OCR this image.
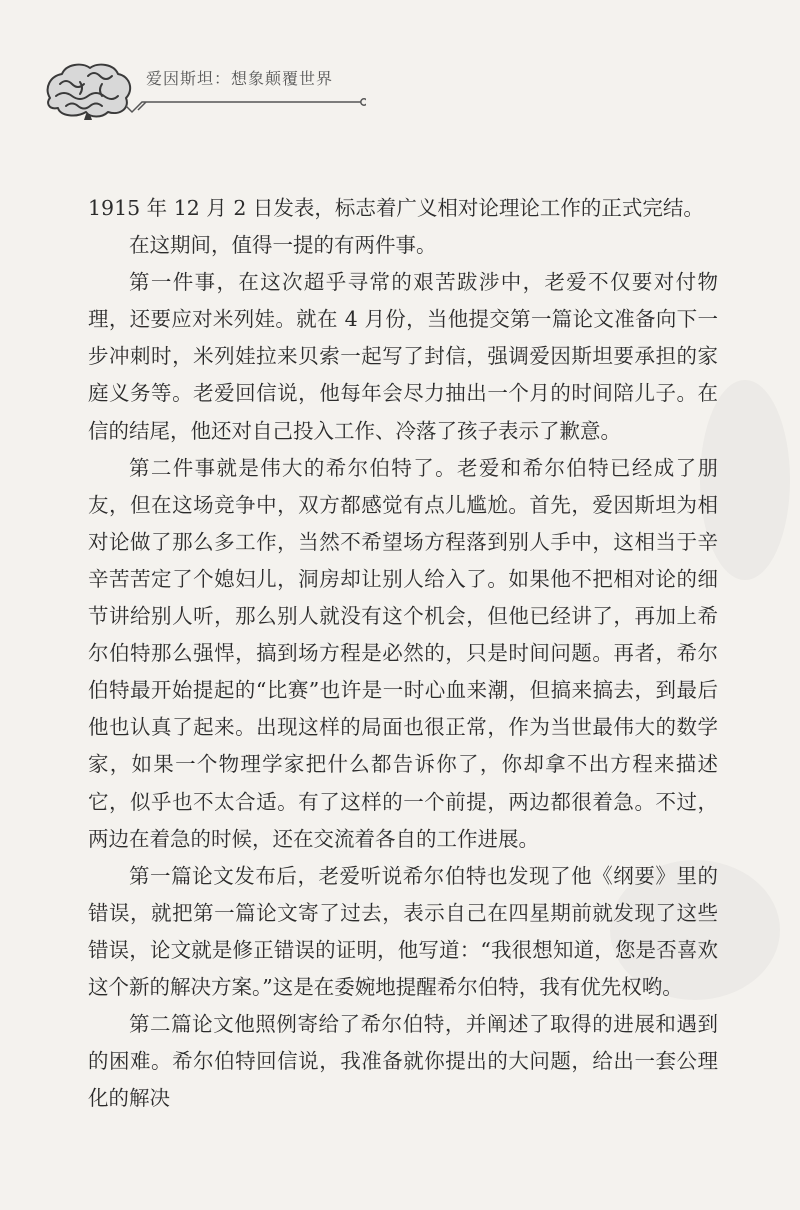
爱因斯坦：想象颠覆世界

1915 年 12 月 2 日发表，标志着广义相对论理论工作的正式完结。

在这期间，值得一提的有两件事。

第一件事，在这次超乎寻常的艰苦跋涉中，老爱不仅要对付物理，还要应对米列娃。就在 4 月份，当他提交第一篇论文准备向下一步冲刺时，米列娃拉来贝索一起写了封信，强调爱因斯坦要承担的家庭义务等。老爱回信说，他每年会尽力抽出一个月的时间陪儿子。在信的结尾，他还对自己投入工作、冷落了孩子表示了歉意。

第二件事就是伟大的希尔伯特了。老爱和希尔伯特已经成了朋友，但在这场竞争中，双方都感觉有点儿尴尬。首先，爱因斯坦为相对论做了那么多工作，当然不希望场方程落到别人手中，这相当于辛辛苦苦定了个媳妇儿，洞房却让别人给入了。如果他不把相对论的细节讲给别人听，那么别人就没有这个机会，但他已经讲了，再加上希尔伯特那么强悍，搞到场方程是必然的，只是时间问题。再者，希尔伯特最开始提起的“比赛”也许是一时心血来潮，但搞来搞去，到最后他也认真了起来。出现这样的局面也很正常，作为当世最伟大的数学家，如果一个物理学家把什么都告诉你了，你却拿不出方程来描述它，似乎也不太合适。有了这样的一个前提，两边都很着急。不过，两边在着急的时候，还在交流着各自的工作进展。

第一篇论文发布后，老爱听说希尔伯特也发现了他《纲要》里的错误，就把第一篇论文寄了过去，表示自己在四星期前就发现了这些错误，论文就是修正错误的证明，他写道：“我很想知道，您是否喜欢这个新的解决方案。”这是在委婉地提醒希尔伯特，我有优先权哟。

第二篇论文他照例寄给了希尔伯特，并阐述了取得的进展和遇到的困难。希尔伯特回信说，我准备就你提出的大问题，给出一套公理化的解决
